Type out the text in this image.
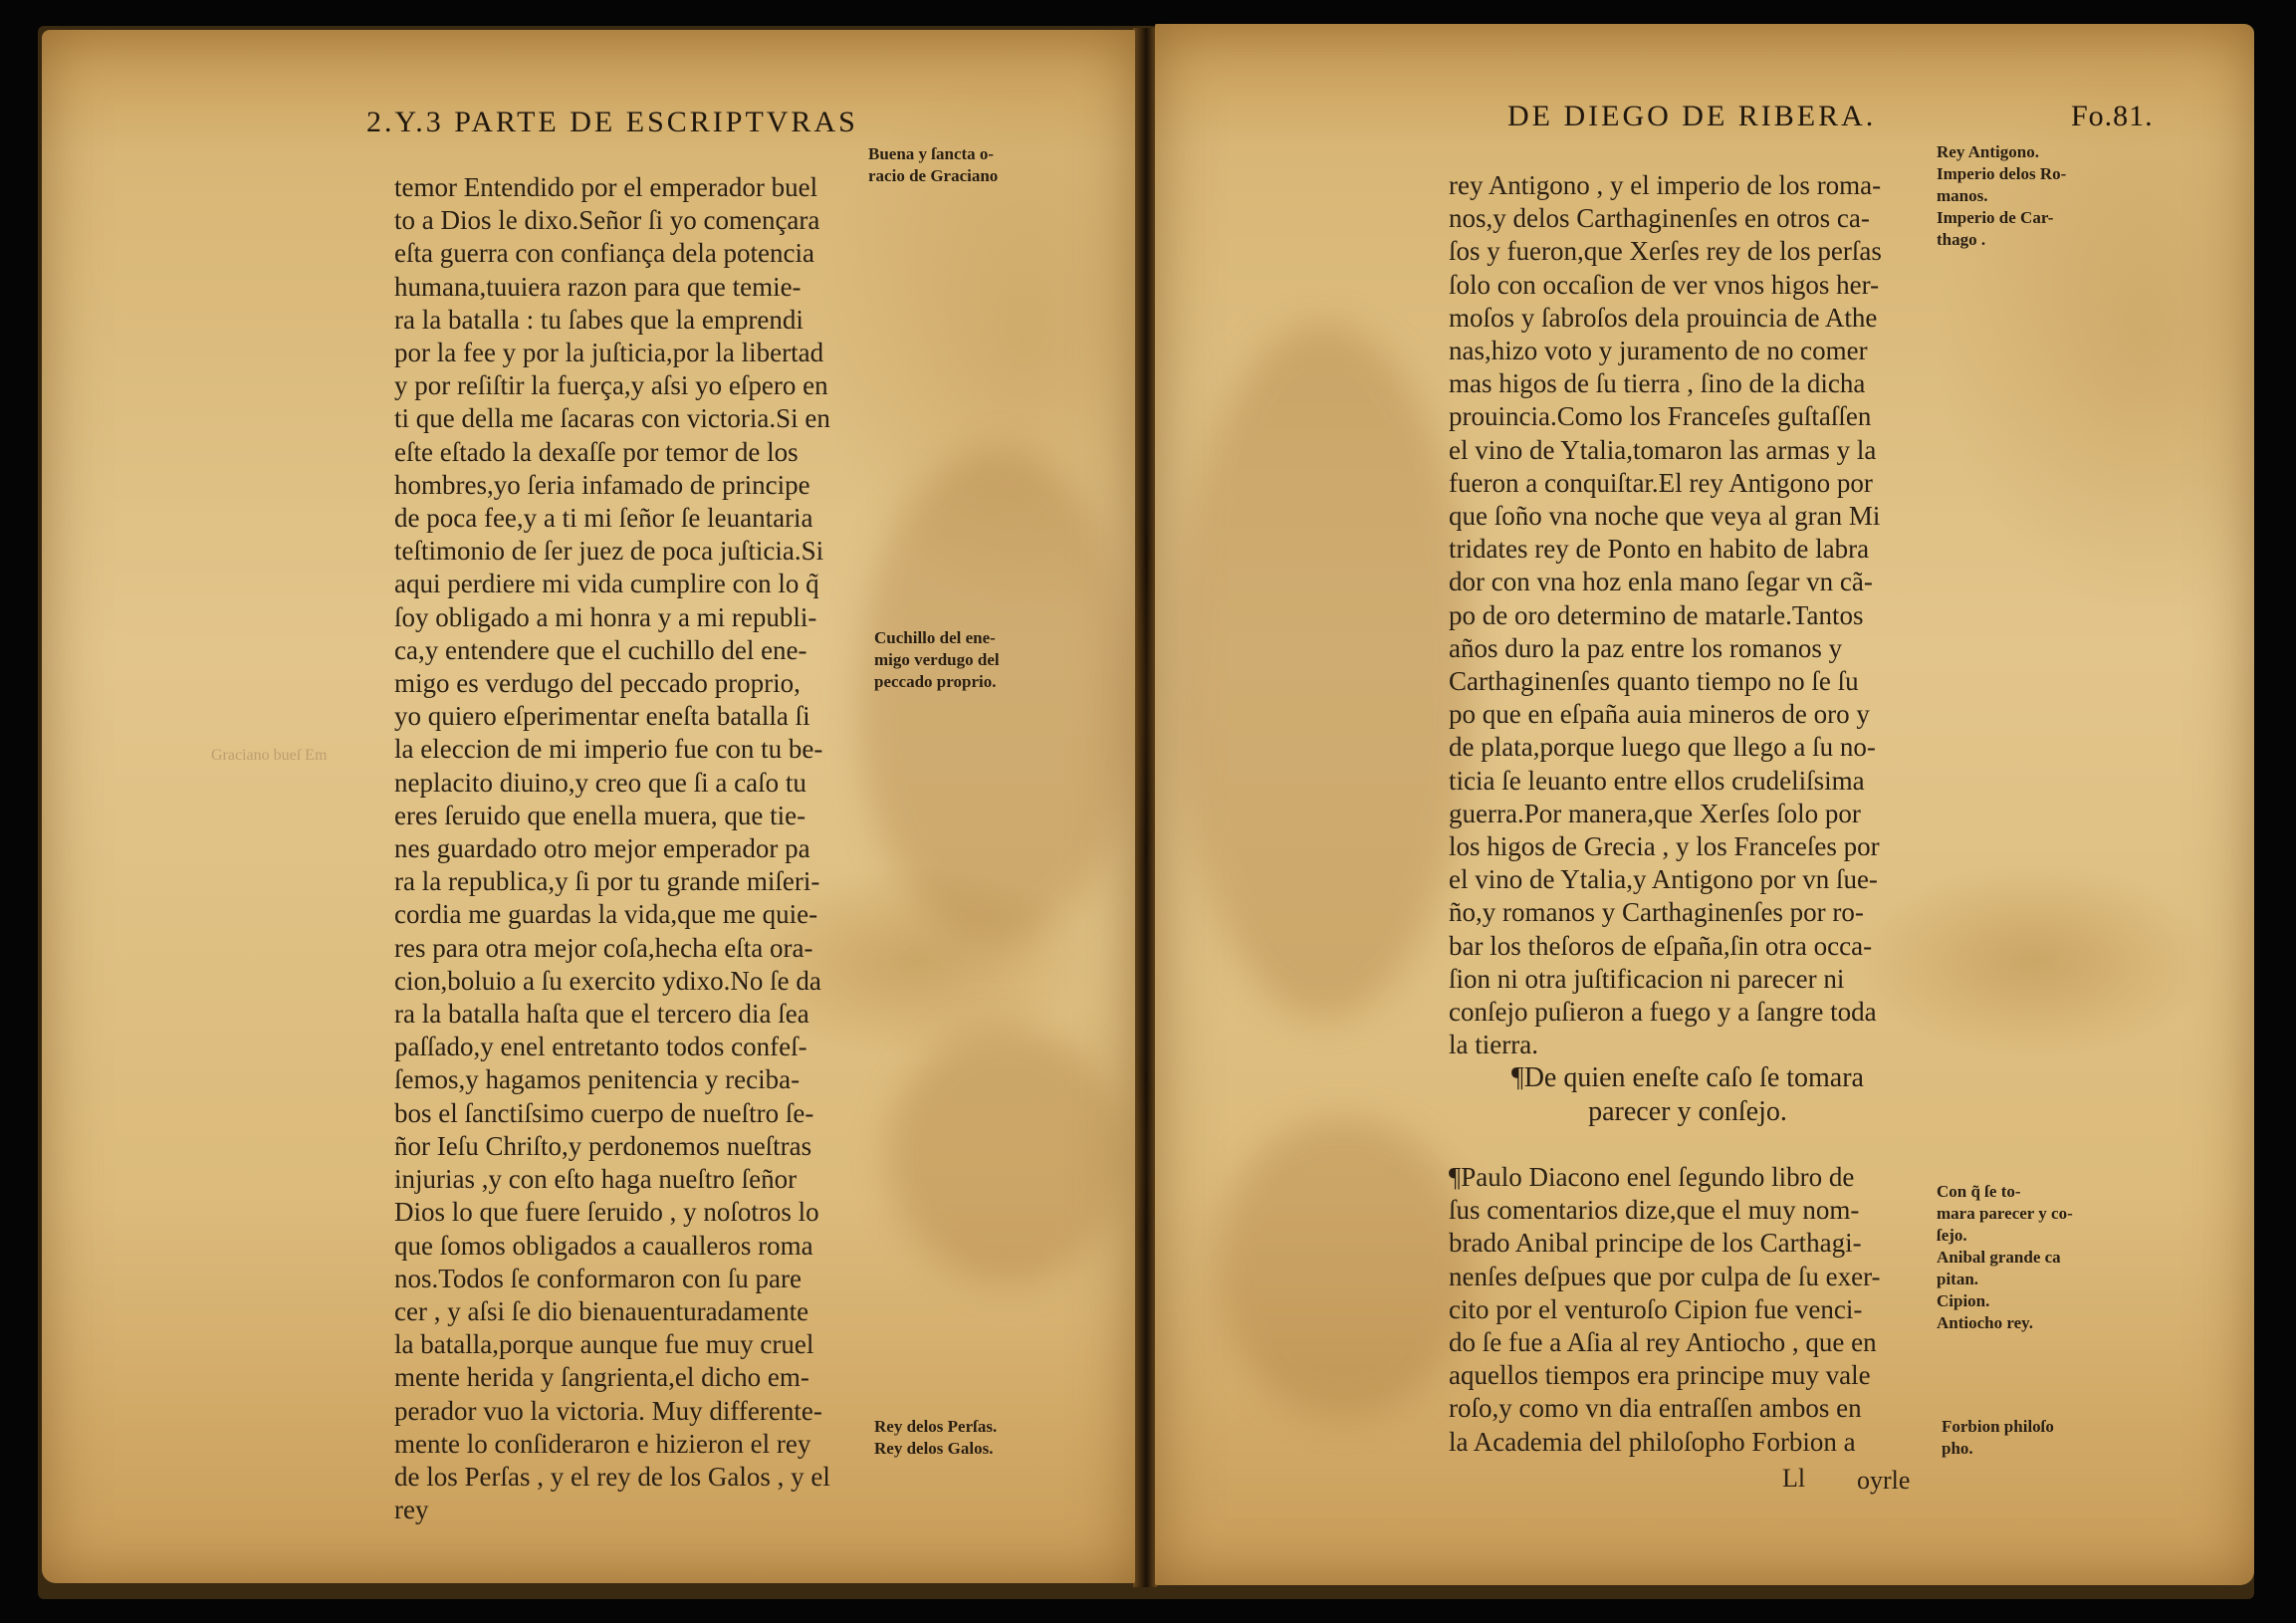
Graciano bueſ Em
2.Y.3 PARTE DE ESCRIPTVRAS
temor Entendido por el emperador buel
to a Dios le dixo.Señor ſi yo començara
eſta guerra con confiança dela potencia
humana,tuuiera razon para que temie-
ra la batalla : tu ſabes que la emprendi
por la fee y por la juſticia,por la libertad
y por reſiſtir la fuerça,y aſsi yo eſpero en
ti que della me ſacaras con victoria.Si en
eſte eſtado la dexaſſe por temor de los
hombres,yo ſeria infamado de principe
de poca fee,y a ti mi ſeñor ſe leuantaria
teſtimonio de ſer juez de poca juſticia.Si
aqui perdiere mi vida cumplire con lo q̃
ſoy obligado a mi honra y a mi republi-
ca,y entendere que el cuchillo del ene-
migo es verdugo del peccado proprio,
yo quiero eſperimentar eneſta batalla ſi
la eleccion de mi imperio fue con tu be-
neplacito diuino,y creo que ſi a caſo tu
eres ſeruido que enella muera, que tie-
nes guardado otro mejor emperador pa
ra la republica,y ſi por tu grande miſeri-
cordia me guardas la vida,que me quie-
res para otra mejor coſa,hecha eſta ora-
cion,boluio a ſu exercito ydixo.No ſe da
ra la batalla haſta que el tercero dia ſea
paſſado,y enel entretanto todos confeſ-
ſemos,y hagamos penitencia y reciba-
bos el ſanctiſsimo cuerpo de nueſtro ſe-
ñor Ieſu Chriſto,y perdonemos nueſtras
injurias ,y con eſto haga nueſtro ſeñor
Dios lo que fuere ſeruido , y noſotros lo
que ſomos obligados a caualleros roma
nos.Todos ſe conformaron con ſu pare
cer , y aſsi ſe dio bienauenturadamente
la batalla,porque aunque fue muy cruel
mente herida y ſangrienta,el dicho em-
perador vuo la victoria. Muy differente-
mente lo conſideraron e hizieron el rey
de los Perſas , y el rey de los Galos , y el
rey
Buena y ſancta o-
racio de Graciano
Cuchillo del ene-
migo verdugo del
peccado proprio.
Rey delos Perſas.
Rey delos Galos.
DE DIEGO DE RIBERA.	Fo.81.
rey Antigono , y el imperio de los roma-
nos,y delos Carthaginenſes en otros ca-
ſos y fueron,que Xerſes rey de los perſas
ſolo con occaſion de ver vnos higos her-
moſos y ſabroſos dela prouincia de Athe
nas,hizo voto y juramento de no comer
mas higos de ſu tierra , ſino de la dicha
prouincia.Como los Franceſes guſtaſſen
el vino de Ytalia,tomaron las armas y la
fueron a conquiſtar.El rey Antigono por
que ſoño vna noche que veya al gran Mi
tridates rey de Ponto en habito de labra
dor con vna hoz enla mano ſegar vn cã-
po de oro determino de matarle.Tantos
años duro la paz entre los romanos y
Carthaginenſes quanto tiempo no ſe ſu
po que en eſpaña auia mineros de oro y
de plata,porque luego que llego a ſu no-
ticia ſe leuanto entre ellos crudeliſsima
guerra.Por manera,que Xerſes ſolo por
los higos de Grecia , y los Franceſes por
el vino de Ytalia,y Antigono por vn ſue-
ño,y romanos y Carthaginenſes por ro-
bar los theſoros de eſpaña,ſin otra occa-
ſion ni otra juſtificacion ni parecer ni
conſejo puſieron a fuego y a ſangre toda
la tierra.
¶De quien eneſte caſo ſe tomara
parecer y conſejo.
¶Paulo Diacono enel ſegundo libro de
ſus comentarios dize,que el muy nom-
brado Anibal principe de los Carthagi-
nenſes deſpues que por culpa de ſu exer-
cito por el venturoſo Cipion fue venci-
do ſe fue a Aſia al rey Antiocho , que en
aquellos tiempos era principe muy vale
roſo,y como vn dia entraſſen ambos en
la Academia del philoſopho Forbion a
Ll oyrle
Rey Antigono.
Imperio delos Ro-
manos.
Imperio de Car-
thago .
Con q̃ ſe to-
mara parecer y co-
ſejo.
Anibal grande ca
pitan.
Cipion.
Antiocho rey.
Forbion philoſo
pho.
